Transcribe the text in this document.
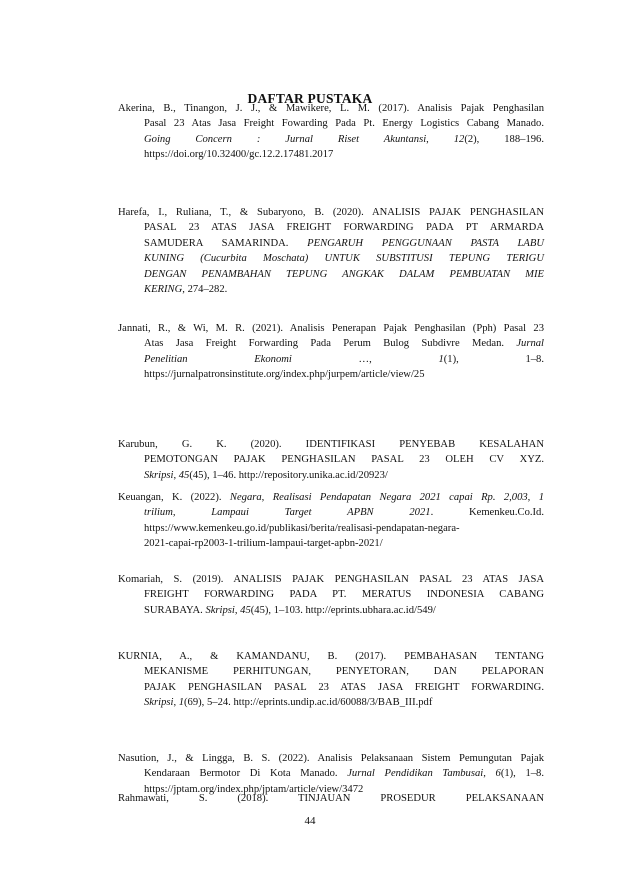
DAFTAR PUSTAKA
Akerina, B., Tinangon, J. J., & Mawikere, L. M. (2017). Analisis Pajak Penghasilan
Pasal 23 Atas Jasa Freight Fowarding Pada Pt. Energy Logistics Cabang Manado.
Going Concern : Jurnal Riset Akuntansi, 12(2), 188–196.
https://doi.org/10.32400/gc.12.2.17481.2017
Harefa, I., Ruliana, T., & Subaryono, B. (2020). ANALISIS PAJAK PENGHASILAN
PASAL 23 ATAS JASA FREIGHT FORWARDING PADA PT ARMARDA
SAMUDERA SAMARINDA. PENGARUH PENGGUNAAN PASTA LABU
KUNING (Cucurbita Moschata) UNTUK SUBSTITUSI TEPUNG TERIGU
DENGAN PENAMBAHAN TEPUNG ANGKAK DALAM PEMBUATAN MIE
KERING, 274–282.
Jannati, R., & Wi, M. R. (2021). Analisis Penerapan Pajak Penghasilan (Pph) Pasal 23
Atas Jasa Freight Forwarding Pada Perum Bulog Subdivre Medan. Jurnal
Penelitian Ekonomi …, 1(1), 1–8.
https://jurnalpatronsinstitute.org/index.php/jurpem/article/view/25
Karubun, G. K. (2020). IDENTIFIKASI PENYEBAB KESALAHAN
PEMOTONGAN PAJAK PENGHASILAN PASAL 23 OLEH CV XYZ.
Skripsi, 45(45), 1–46. http://repository.unika.ac.id/20923/
Keuangan, K. (2022). Negara, Realisasi Pendapatan Negara 2021 capai Rp. 2,003, 1
trilium, Lampaui Target APBN 2021. Kemenkeu.Co.Id.
https://www.kemenkeu.go.id/publikasi/berita/realisasi-pendapatan-negara-
2021-capai-rp2003-1-trilium-lampaui-target-apbn-2021/
Komariah, S. (2019). ANALISIS PAJAK PENGHASILAN PASAL 23 ATAS JASA
FREIGHT FORWARDING PADA PT. MERATUS INDONESIA CABANG
SURABAYA. Skripsi, 45(45), 1–103. http://eprints.ubhara.ac.id/549/
KURNIA, A., & KAMANDANU, B. (2017). PEMBAHASAN TENTANG
MEKANISME PERHITUNGAN, PENYETORAN, DAN PELAPORAN
PAJAK PENGHASILAN PASAL 23 ATAS JASA FREIGHT FORWARDING.
Skripsi, 1(69), 5–24. http://eprints.undip.ac.id/60088/3/BAB_III.pdf
Nasution, J., & Lingga, B. S. (2022). Analisis Pelaksanaan Sistem Pemungutan Pajak
Kendaraan Bermotor Di Kota Manado. Jurnal Pendidikan Tambusai, 6(1), 1–8.
https://jptam.org/index.php/jptam/article/view/3472
Rahmawati, S. (2018). TINJAUAN PROSEDUR PELAKSANAAN
44
